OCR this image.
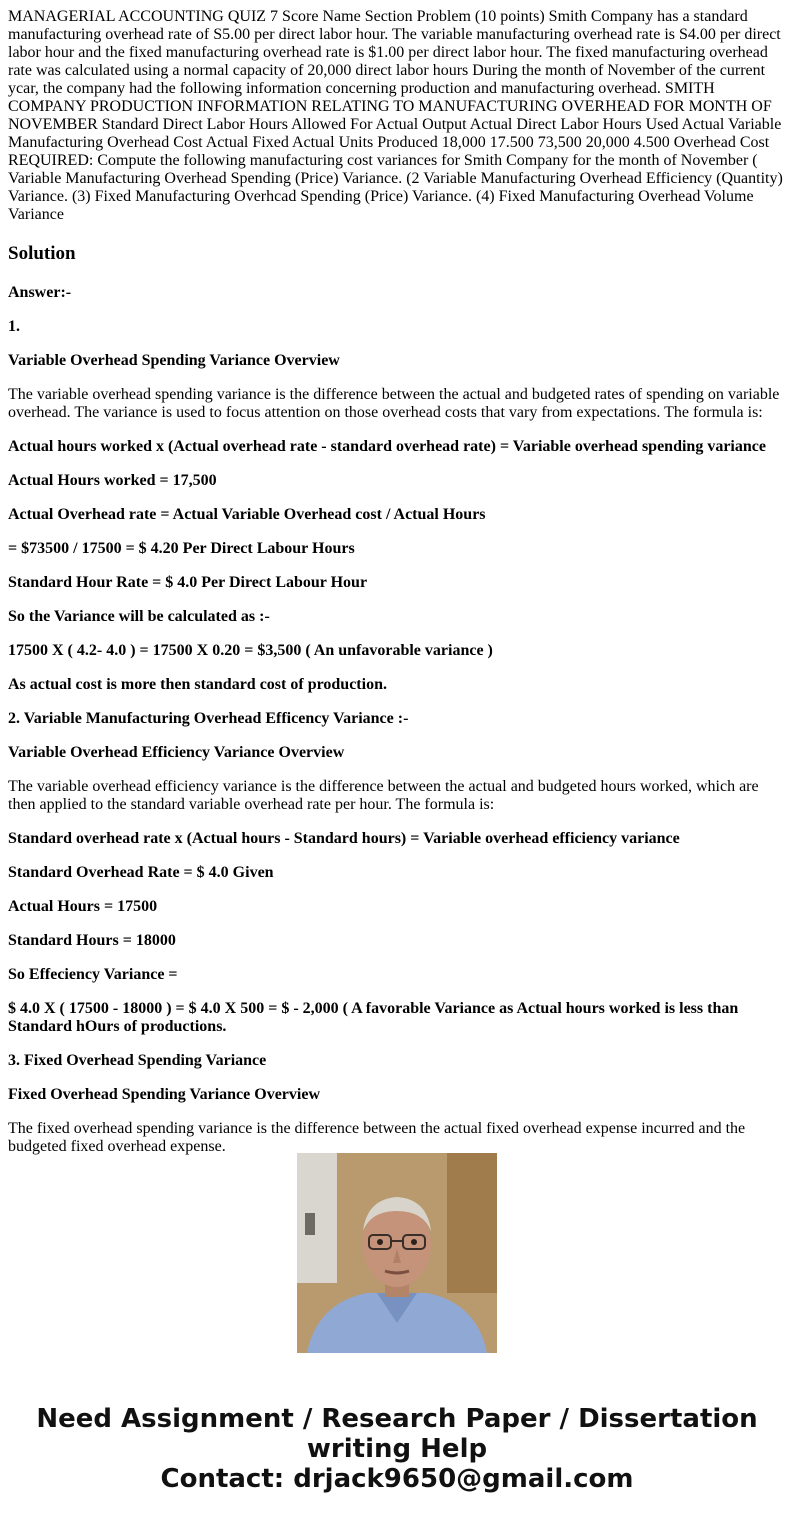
MANAGERIAL ACCOUNTING QUIZ 7 Score Name Section Problem (10 points) Smith Company has a standard manufacturing overhead rate of S5.00 per direct labor hour. The variable manufacturing overhead rate is S4.00 per direct labor hour and the fixed manufacturing overhead rate is $1.00 per direct labor hour. The fixed manufacturing overhead rate was calculated using a normal capacity of 20,000 direct labor hours During the month of November of the current ycar, the company had the following information concerning production and manufacturing overhead. SMITH COMPANY PRODUCTION INFORMATION RELATING TO MANUFACTURING OVERHEAD FOR MONTH OF NOVEMBER Standard Direct Labor Hours Allowed For Actual Output Actual Direct Labor Hours Used Actual Variable Manufacturing Overhead Cost Actual Fixed Actual Units Produced 18,000 17.500 73,500 20,000 4.500 Overhead Cost REQUIRED: Compute the following manufacturing cost variances for Smith Company for the month of November ( Variable Manufacturing Overhead Spending (Price) Variance. (2 Variable Manufacturing Overhead Efficiency (Quantity) Variance. (3) Fixed Manufacturing Overhcad Spending (Price) Variance. (4) Fixed Manufacturing Overhead Volume Variance
Solution

Answer:-

1.

Variable Overhead Spending Variance Overview

The variable overhead spending variance is the difference between the actual and budgeted rates of spending on variable overhead. The variance is used to focus attention on those overhead costs that vary from expectations. The formula is:

Actual hours worked x (Actual overhead rate - standard overhead rate) = Variable overhead spending variance

Actual Hours worked = 17,500

Actual Overhead rate = Actual Variable Overhead cost / Actual Hours

= $73500 / 17500 = $ 4.20 Per Direct Labour Hours

Standard Hour Rate = $ 4.0 Per Direct Labour Hour

So the Variance will be calculated as :-

17500 X ( 4.2- 4.0 ) = 17500 X 0.20 = $3,500 ( An unfavorable variance )

As actual cost is more then standard cost of production.

2. Variable Manufacturing Overhead Efficency Variance :-

Variable Overhead Efficiency Variance Overview

The variable overhead efficiency variance is the difference between the actual and budgeted hours worked, which are then applied to the standard variable overhead rate per hour. The formula is:

Standard overhead rate x (Actual hours - Standard hours) = Variable overhead efficiency variance

Standard Overhead Rate = $ 4.0 Given

Actual Hours = 17500

Standard Hours = 18000

So Effeciency Variance =

$ 4.0 X ( 17500 - 18000 ) = $ 4.0 X 500 = $ - 2,000 ( A favorable Variance as Actual hours worked is less than Standard hOurs of productions.

3. Fixed Overhead Spending Variance

Fixed Overhead Spending Variance Overview

The fixed overhead spending variance is the difference between the actual fixed overhead expense incurred and the budgeted fixed overhead expense.

Need Assignment / Research Paper / Dissertation
writing Help
Contact: drjack9650@gmail.com
